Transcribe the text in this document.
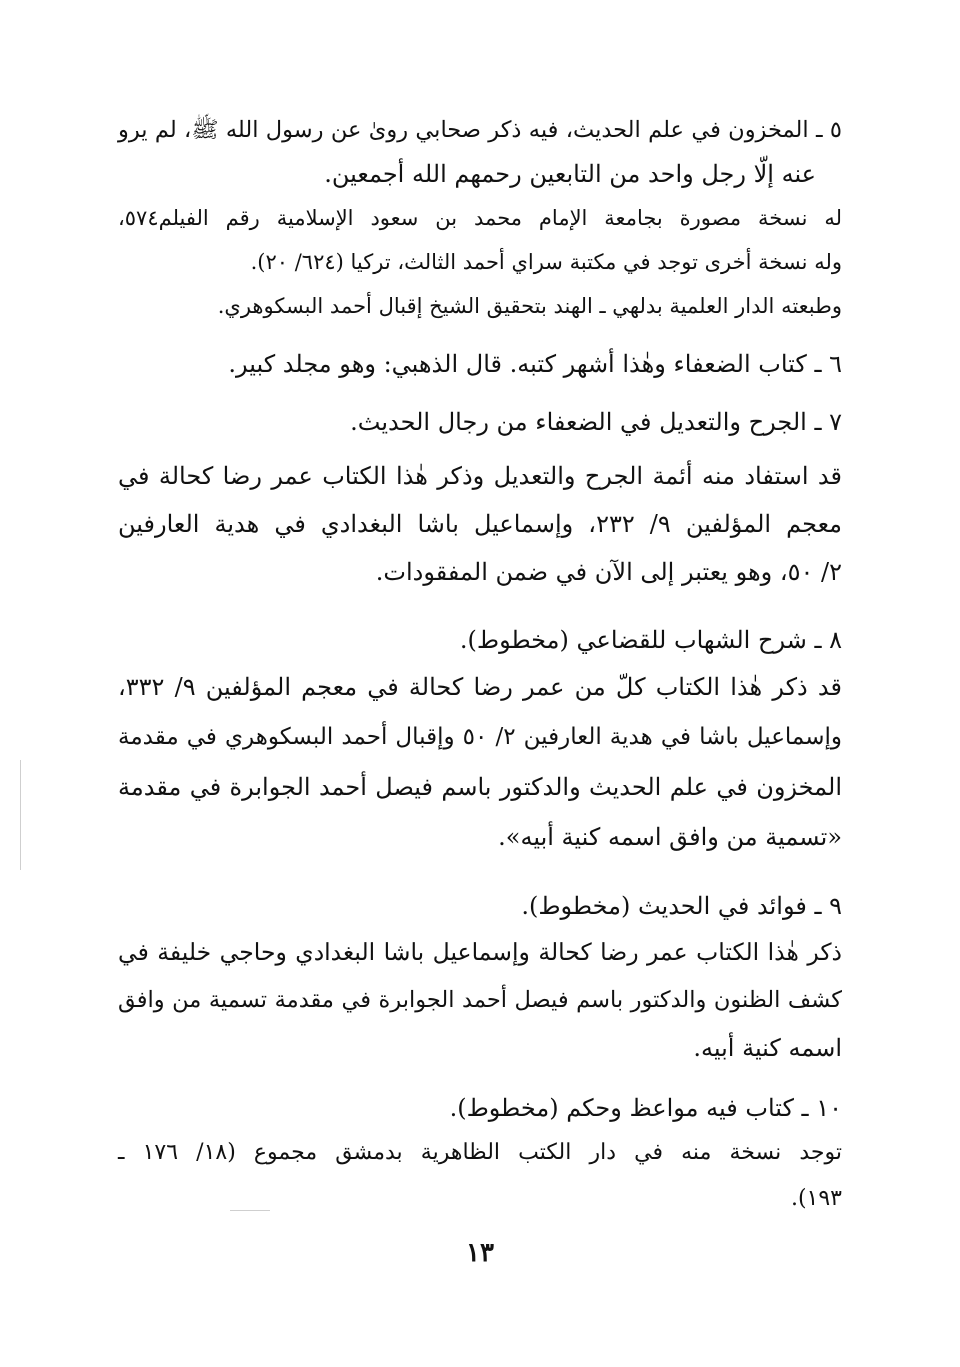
٥ ـ المخزون في علم الحديث، فيه ذكر صحابي روىٰ عن رسول الله ﷺ، لم يرو

عنه إلّا رجل واحد من التابعين رحمهم الله أجمعين.

له نسخة مصورة بجامعة الإمام محمد بن سعود الإسلامية رقم الفيلم٥٧٤،

وله نسخة أخرى توجد في مكتبة سراي أحمد الثالث، تركيا (٦٢٤/ ٢٠).

وطبعته الدار العلمية بدلهي ـ الهند بتحقيق الشيخ إقبال أحمد البسكوهري.

٦ ـ كتاب الضعفاء وهٰذا أشهر كتبه. قال الذهبي: وهو مجلد كبير.

٧ ـ الجرح والتعديل في الضعفاء من رجال الحديث.

قد استفاد منه أئمة الجرح والتعديل وذكر هٰذا الكتاب عمر رضا كحالة في

معجم المؤلفين ٩/ ٢٣٢، وإسماعيل باشا البغدادي في هدية العارفين

٢/ ٥٠، وهو يعتبر إلى الآن في ضمن المفقودات.

٨ ـ شرح الشهاب للقضاعي (مخطوط).

قد ذكر هٰذا الكتاب كلّ من عمر رضا كحالة في معجم المؤلفين ٩/ ٣٣٢،

وإسماعيل باشا في هدية العارفين ٢/ ٥٠ وإقبال أحمد البسكوهري في مقدمة

المخزون في علم الحديث والدكتور باسم فيصل أحمد الجوابرة في مقدمة

«تسمية من وافق اسمه كنية أبيه».

٩ ـ فوائد في الحديث (مخطوط).

ذكر هٰذا الكتاب عمر رضا كحالة وإسماعيل باشا البغدادي وحاجي خليفة في

كشف الظنون والدكتور باسم فيصل أحمد الجوابرة في مقدمة تسمية من وافق

اسمه كنية أبيه.

١٠ ـ كتاب فيه مواعظ وحكم (مخطوط).

توجد نسخة منه في دار الكتب الظاهرية بدمشق مجموع (١٨/ ١٧٦ ـ

١٩٣).

١٣
